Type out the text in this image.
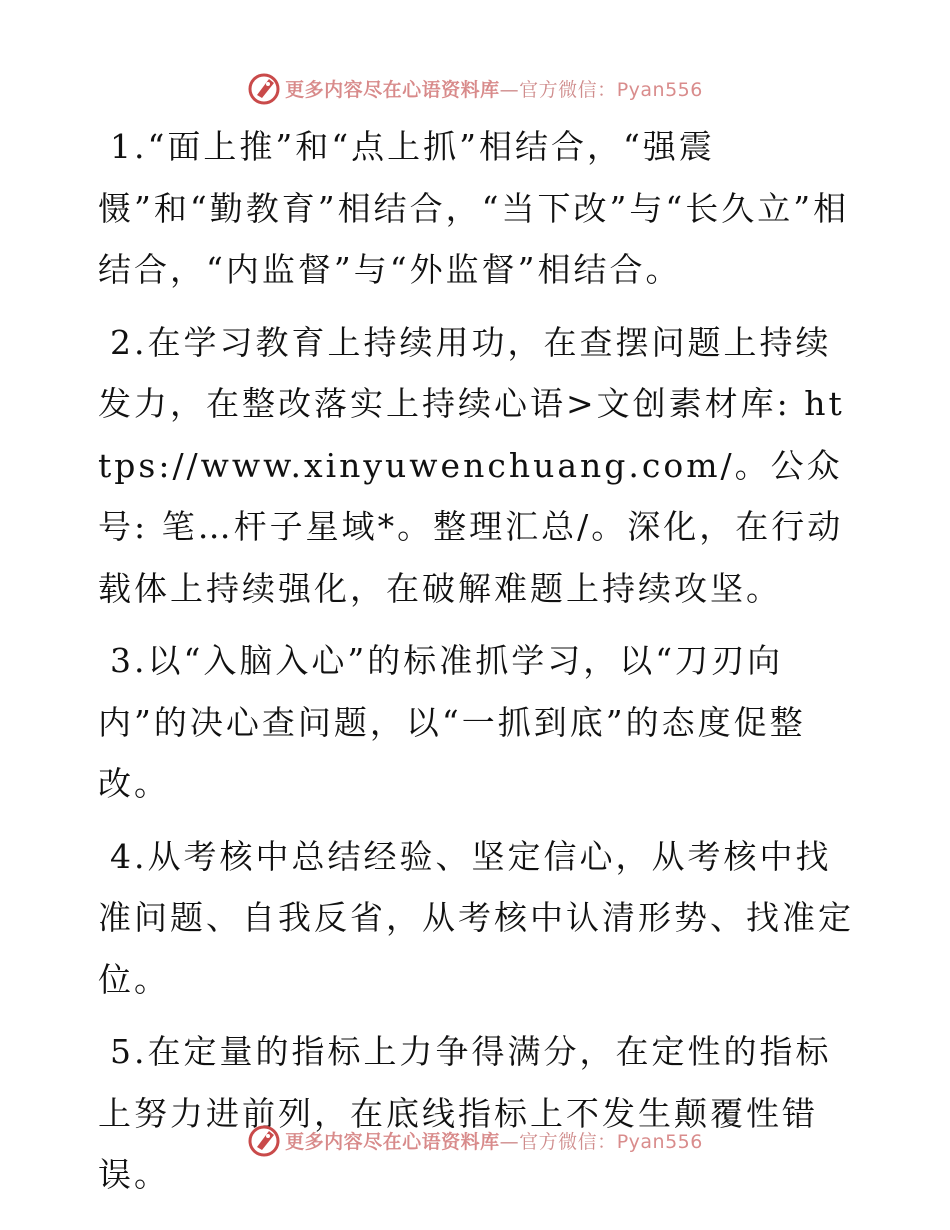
更多内容尽在心语资料库—官方微信：Pyan556

1.“面上推”和“点上抓”相结合，“强震慑”和“勤教育”相结合，“当下改”与“长久立”相结合，“内监督”与“外监督”相结合。

2.在学习教育上持续用功，在查摆问题上持续发力，在整改落实上持续心语>文创素材库: https://www.xinyuwenchuang.com/。公众号: 笔…杆子星域*。整理汇总/。深化，在行动载体上持续强化，在破解难题上持续攻坚。

3.以“入脑入心”的标准抓学习，以“刀刃向内”的决心查问题，以“一抓到底”的态度促整改。

4.从考核中总结经验、坚定信心，从考核中找准问题、自我反省，从考核中认清形势、找准定位。

5.在定量的指标上力争得满分，在定性的指标上努力进前列，在底线指标上不发生颠覆性错误。

更多内容尽在心语资料库—官方微信：Pyan556
